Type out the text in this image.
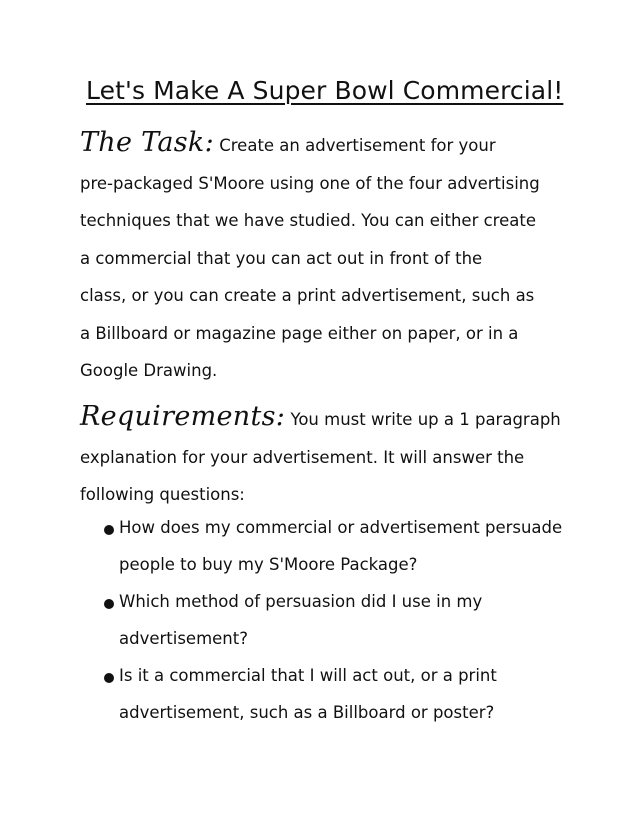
Let's Make A Super Bowl Commercial!

The Task: Create an advertisement for your
pre-packaged S'Moore using one of the four advertising
techniques that we have studied. You can either create
a commercial that you can act out in front of the
class, or you can create a print advertisement, such as
a Billboard or magazine page either on paper, or in a
Google Drawing.

Requirements: You must write up a 1 paragraph
explanation for your advertisement. It will answer the
following questions:

How does my commercial or advertisement persuade
people to buy my S'Moore Package?
Which method of persuasion did I use in my
advertisement?
Is it a commercial that I will act out, or a print
advertisement, such as a Billboard or poster?
